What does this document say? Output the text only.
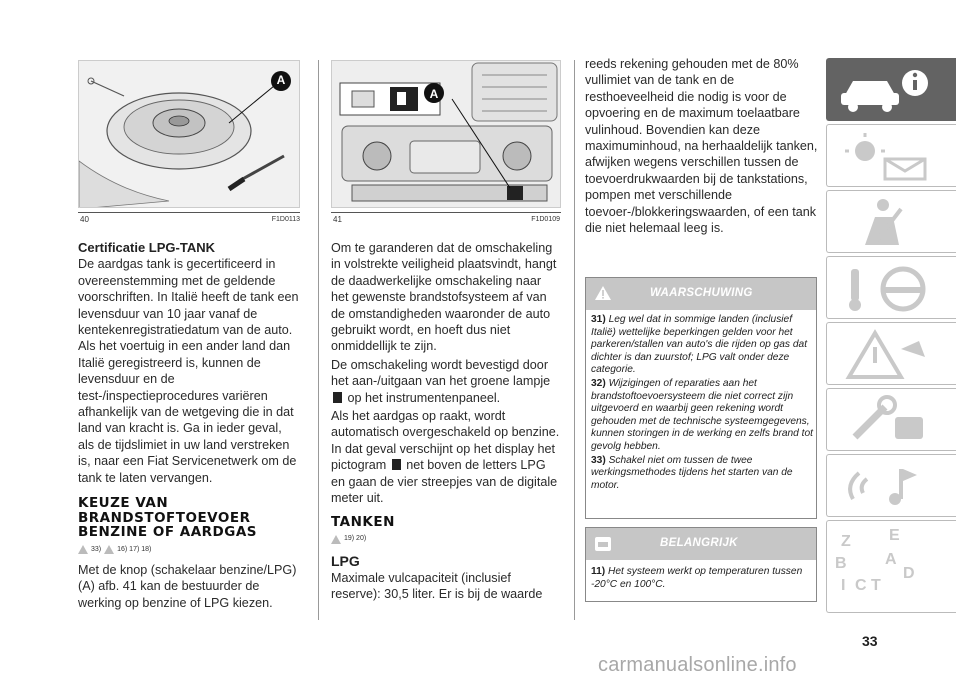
A
40	F1D0113
A
41	F1D0109
Certificatie LPG-TANK

De aardgas tank is gecertificeerd in overeenstemming met de geldende voorschriften. In Italië heeft de tank een levensduur van 10 jaar vanaf de kentekenregistratiedatum van de auto. Als het voertuig in een ander land dan Italië geregistreerd is, kunnen de levensduur en de test-/inspectieprocedures variëren afhankelijk van de wetgeving die in dat land van kracht is. Ga in ieder geval, als de tijdslimiet in uw land verstreken is, naar een Fiat Servicenetwerk om de tank te laten vervangen.

KEUZE VAN
BRANDSTOFTOEVOER
BENZINE OF AARDGAS
33) 16) 17) 18)

Met de knop (schakelaar benzine/LPG) (A) afb. 41 kan de bestuurder de werking op benzine of LPG kiezen.

Om te garanderen dat de omschakeling in volstrekte veiligheid plaatsvindt, hangt de daadwerkelijke omschakeling naar het gewenste brandstofsysteem af van de omstandigheden waaronder de auto gebruikt wordt, en hoeft dus niet onmiddellijk te zijn.

De omschakeling wordt bevestigd door het aan-/uitgaan van het groene lampje  op het instrumentenpaneel.

Als het aardgas op raakt, wordt automatisch overgeschakeld op benzine. In dat geval verschijnt op het display het pictogram net boven de letters LPG en gaan de vier streepjes van de digitale meter uit.

TANKEN
19) 20)
LPG

Maximale vulcapaciteit (inclusief reserve): 30,5 liter. Er is bij de waarde

reeds rekening gehouden met de 80% vullimiet van de tank en de resthoeveelheid die nodig is voor de opvoering en de maximum toelaatbare vulinhoud. Bovendien kan deze maximuminhoud, na herhaaldelijk tanken, afwijken wegens verschillen tussen de toevoerdrukwaarden bij de tankstations, pompen met verschillende toevoer-/blokkeringswaarden, of een tank die niet helemaal leeg is.

WAARSCHUWING
31) Leg wel dat in sommige landen (inclusief Italië) wettelijke beperkingen gelden voor het parkeren/stallen van auto's die rijden op gas dat dichter is dan zuurstof; LPG valt onder deze categorie.
32) Wijzigingen of reparaties aan het brandstoftoevoersysteem die niet correct zijn uitgevoerd en waarbij geen rekening wordt gehouden met de technische systeemgegevens, kunnen storingen in de werking en zelfs brand tot gevolg hebben.
33) Schakel niet om tussen de twee werkingsmethodes tijdens het starten van de motor.
BELANGRIJK
11) Het systeem werkt op temperaturen tussen -20°C en 100°C.
Z E
B A
D
I C T
33
carmanualsonline.info
